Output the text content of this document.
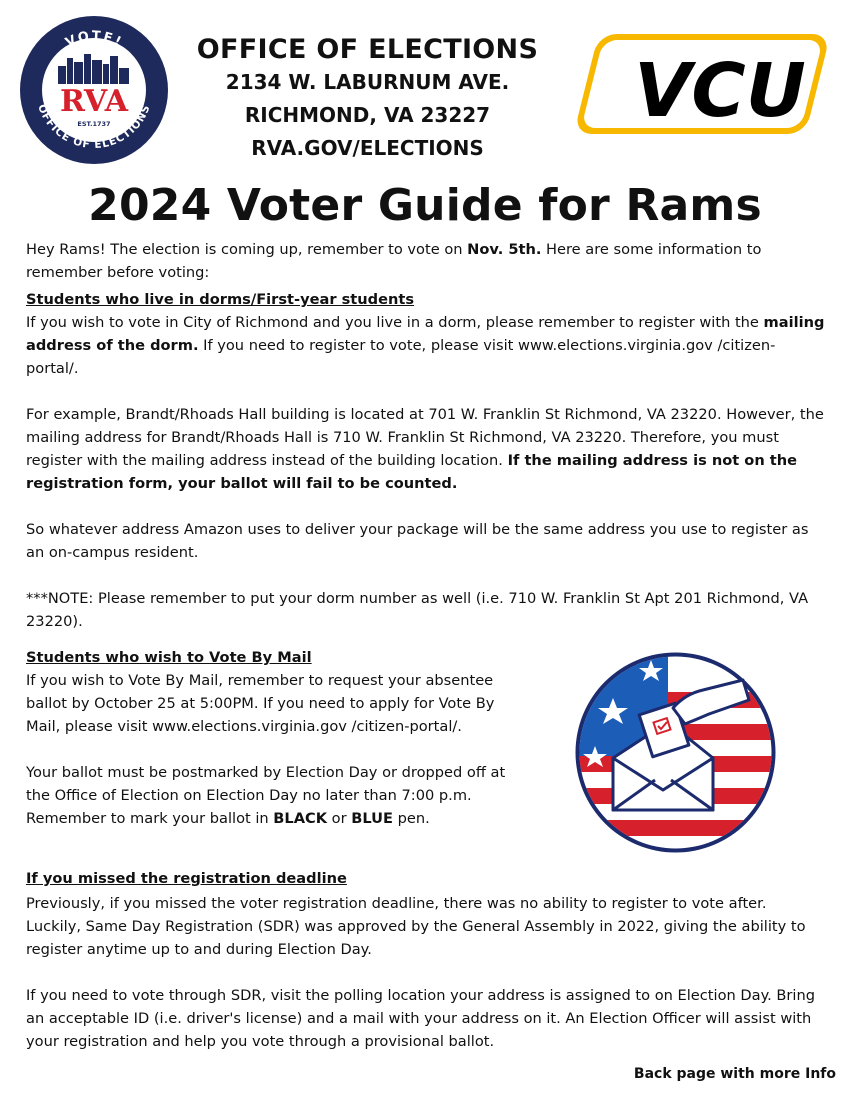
VOTE!
OFFICE OF ELECTIONS
RVA
EST.1737
OFFICE OF ELECTIONS
2134 W. LABURNUM AVE.
RICHMOND, VA 23227
RVA.GOV/ELECTIONS
VCU
2024 Voter Guide for Rams

Hey Rams! The election is coming up, remember to vote on Nov. 5th. Here are some information to remember before voting:

Students who live in dorms/First-year students

If you wish to vote in City of Richmond and you live in a dorm, please remember to register with the mailing address of the dorm. If you need to register to vote, please visit www.elections.virginia.gov /citizen-portal/.

For example, Brandt/Rhoads Hall building is located at 701 W. Franklin St Richmond, VA 23220. However, the mailing address for Brandt/Rhoads Hall is 710 W. Franklin St Richmond, VA 23220. Therefore, you must register with the mailing address instead of the building location. If the mailing address is not on the registration form, your ballot will fail to be counted.

So whatever address Amazon uses to deliver your package will be the same address you use to register as an on-campus resident.

***NOTE: Please remember to put your dorm number as well (i.e. 710 W. Franklin St Apt 201 Richmond, VA 23220).

Students who wish to Vote By Mail

If you wish to Vote By Mail, remember to request your absentee ballot by October 25 at 5:00PM. If you need to apply for Vote By Mail, please visit www.elections.virginia.gov /citizen-portal/.

Your ballot must be postmarked by Election Day or dropped off at the Office of Election on Election Day no later than 7:00 p.m. Remember to mark your ballot in BLACK or BLUE pen.

If you missed the registration deadline

Previously, if you missed the voter registration deadline, there was no ability to register to vote after. Luckily, Same Day Registration (SDR) was approved by the General Assembly in 2022, giving the ability to register anytime up to and during Election Day.

If you need to vote through SDR, visit the polling location your address is assigned to on Election Day. Bring an acceptable ID (i.e. driver's license) and a mail with your address on it. An Election Officer will assist with your registration and help you vote through a provisional ballot.

Back page with more Info
